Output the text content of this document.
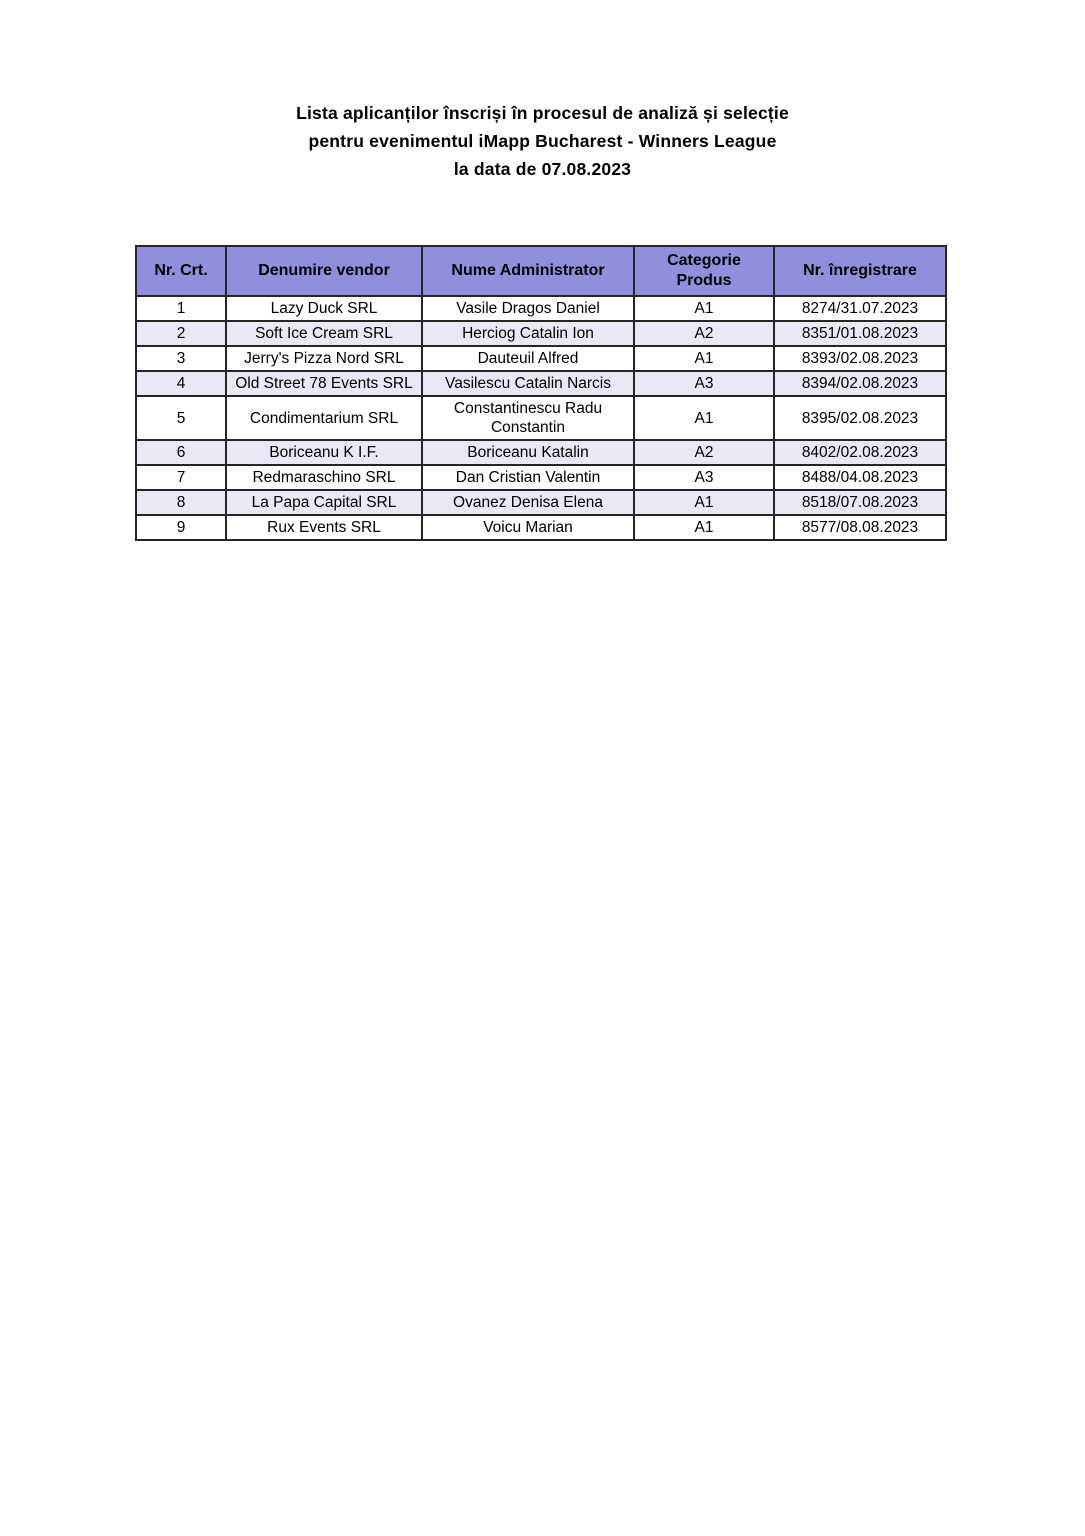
Lista aplicanților înscriși în procesul de analiză și selecție
pentru evenimentul iMapp Bucharest - Winners League
la data de 07.08.2023
Nr. Crt.	Denumire vendor	Nume Administrator	Categorie Produs	Nr. înregistrare
1	Lazy Duck SRL	Vasile Dragos Daniel	A1	8274/31.07.2023
2	Soft Ice Cream SRL	Herciog Catalin Ion	A2	8351/01.08.2023
3	Jerry's Pizza Nord SRL	Dauteuil Alfred	A1	8393/02.08.2023
4	Old Street 78 Events SRL	Vasilescu Catalin Narcis	A3	8394/02.08.2023
5	Condimentarium SRL	Constantinescu Radu Constantin	A1	8395/02.08.2023
6	Boriceanu K I.F.	Boriceanu Katalin	A2	8402/02.08.2023
7	Redmaraschino SRL	Dan Cristian Valentin	A3	8488/04.08.2023
8	La Papa Capital SRL	Ovanez Denisa Elena	A1	8518/07.08.2023
9	Rux Events SRL	Voicu Marian	A1	8577/08.08.2023
